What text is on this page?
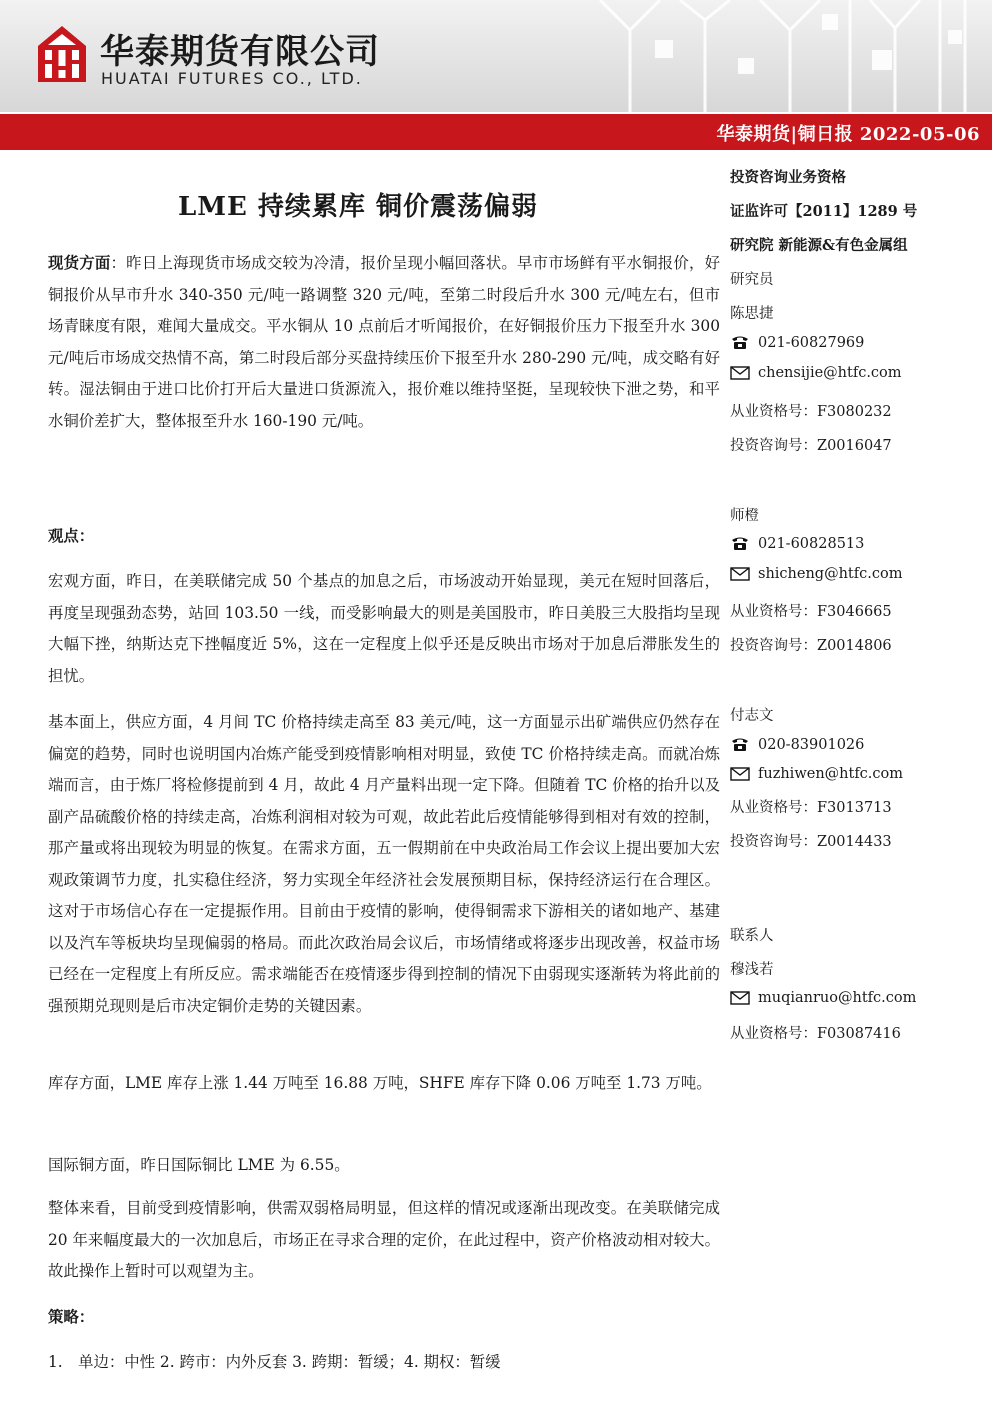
华泰期货有限公司
HUATAI FUTURES CO., LTD.
华泰期货|铜日报 2022-05-06
LME 持续累库 铜价震荡偏弱

现货方面：昨日上海现货市场成交较为冷清，报价呈现小幅回落状。早市市场鲜有平水铜报价，好铜报价从早市升水 340-350 元/吨一路调整 320 元/吨，至第二时段后升水 300 元/吨左右，但市场青睐度有限，难闻大量成交。平水铜从 10 点前后才听闻报价，在好铜报价压力下报至升水 300 元/吨后市场成交热情不高，第二时段后部分买盘持续压价下报至升水 280-290 元/吨，成交略有好转。湿法铜由于进口比价打开后大量进口货源流入，报价难以维持坚挺，呈现较快下泄之势，和平水铜价差扩大，整体报至升水 160-190 元/吨。

观点：

宏观方面，昨日，在美联储完成 50 个基点的加息之后，市场波动开始显现，美元在短时回落后，再度呈现强劲态势，站回 103.50 一线，而受影响最大的则是美国股市，昨日美股三大股指均呈现大幅下挫，纳斯达克下挫幅度近 5%，这在一定程度上似乎还是反映出市场对于加息后滞胀发生的担忧。

基本面上，供应方面，4 月间 TC 价格持续走高至 83 美元/吨，这一方面显示出矿端供应仍然存在偏宽的趋势，同时也说明国内冶炼产能受到疫情影响相对明显，致使 TC 价格持续走高。而就冶炼端而言，由于炼厂将检修提前到 4 月，故此 4 月产量料出现一定下降。但随着 TC 价格的抬升以及副产品硫酸价格的持续走高，冶炼利润相对较为可观，故此若此后疫情能够得到相对有效的控制，那产量或将出现较为明显的恢复。在需求方面，五一假期前在中央政治局工作会议上提出要加大宏观政策调节力度，扎实稳住经济，努力实现全年经济社会发展预期目标，保持经济运行在合理区。这对于市场信心存在一定提振作用。目前由于疫情的影响，使得铜需求下游相关的诸如地产、基建以及汽车等板块均呈现偏弱的格局。而此次政治局会议后，市场情绪或将逐步出现改善，权益市场已经在一定程度上有所反应。需求端能否在疫情逐步得到控制的情况下由弱现实逐渐转为将此前的强预期兑现则是后市决定铜价走势的关键因素。

库存方面，LME 库存上涨 1.44 万吨至 16.88 万吨，SHFE 库存下降 0.06 万吨至 1.73 万吨。

国际铜方面，昨日国际铜比 LME 为 6.55。

整体来看，目前受到疫情影响，供需双弱格局明显，但这样的情况或逐渐出现改变。在美联储完成 20 年来幅度最大的一次加息后，市场正在寻求合理的定价，在此过程中，资产价格波动相对较大。故此操作上暂时可以观望为主。

策略：
1.　单边：中性 2. 跨市：内外反套 3. 跨期：暂缓；4. 期权：暂缓
投资咨询业务资格
证监许可【2011】1289 号
研究院 新能源&有色金属组
研究员
陈思捷
021-60827969
chensijie@htfc.com
从业资格号：F3080232
投资咨询号：Z0016047
师橙
021-60828513
shicheng@htfc.com
从业资格号：F3046665
投资咨询号：Z0014806
付志文
020-83901026
fuzhiwen@htfc.com
从业资格号：F3013713
投资咨询号：Z0014433
联系人
穆浅若
muqianruo@htfc.com
从业资格号：F03087416
